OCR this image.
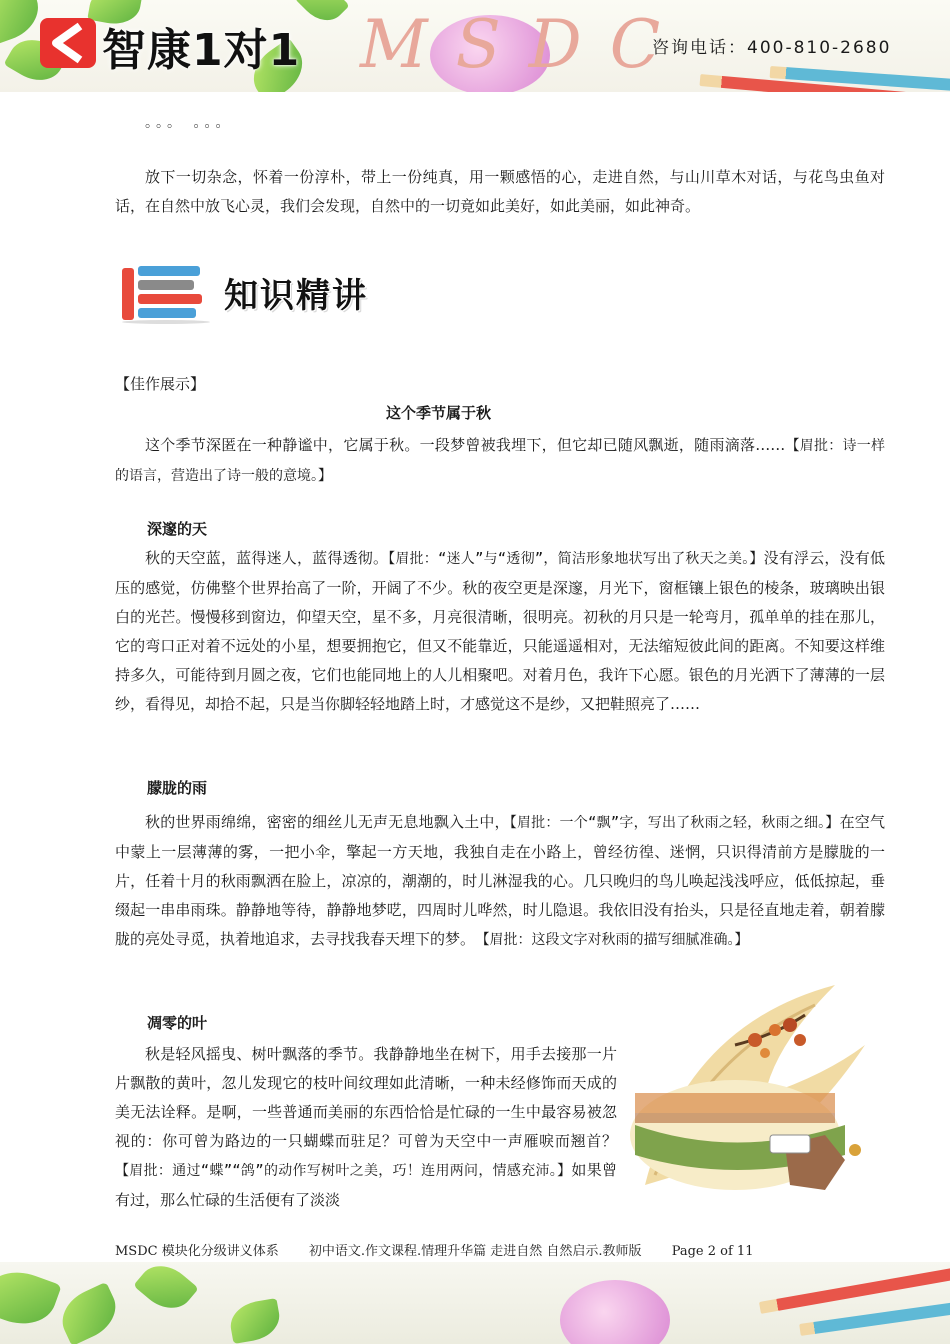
智康1对1 MSDC
咨询电话：400-810-2680
。。。 。。。
放下一切杂念，怀着一份淳朴，带上一份纯真，用一颗感悟的心，走进自然，与山川草木对话，与花鸟虫鱼对话，在自然中放飞心灵，我们会发现，自然中的一切竟如此美好，如此美丽，如此神奇。
知识精讲
【佳作展示】
这个季节属于秋
这个季节深匿在一种静谧中，它属于秋。一段梦曾被我埋下，但它却已随风飘逝，随雨滴落……【眉批：诗一样的语言，营造出了诗一般的意境。】
深邃的天
秋的天空蓝，蓝得迷人，蓝得透彻。【眉批：“迷人”与“透彻”，简洁形象地状写出了秋天之美。】没有浮云，没有低压的感觉，仿佛整个世界抬高了一阶，开阔了不少。秋的夜空更是深邃，月光下，窗框镶上银色的棱条，玻璃映出银白的光芒。慢慢移到窗边，仰望天空，星不多，月亮很清晰，很明亮。初秋的月只是一轮弯月，孤单单的挂在那儿，它的弯口正对着不远处的小星，想要拥抱它，但又不能靠近，只能遥遥相对，无法缩短彼此间的距离。不知要这样维持多久，可能待到月圆之夜，它们也能同地上的人儿相聚吧。对着月色，我许下心愿。银色的月光洒下了薄薄的一层纱，看得见，却拾不起，只是当你脚轻轻地踏上时，才感觉这不是纱，又把鞋照亮了……
朦胧的雨
秋的世界雨绵绵，密密的细丝儿无声无息地飘入土中，【眉批：一个“飘”字，写出了秋雨之轻，秋雨之细。】在空气中蒙上一层薄薄的雾，一把小伞，擎起一方天地，我独自走在小路上，曾经彷徨、迷惘，只识得清前方是朦胧的一片，任着十月的秋雨飘洒在脸上，凉凉的，潮潮的，时儿淋湿我的心。几只晚归的鸟儿唤起浅浅呼应，低低掠起，垂缀起一串串雨珠。静静地等待，静静地梦呓，四周时儿哗然，时儿隐退。我依旧没有抬头，只是径直地走着，朝着朦胧的亮处寻觅，执着地追求，去寻找我春天埋下的梦。　【眉批：这段文字对秋雨的描写细腻准确。】
凋零的叶
秋是轻风摇曳、树叶飘落的季节。我静静地坐在树下，用手去接那一片片飘散的黄叶，忽儿发现它的枝叶间纹理如此清晰，一种未经修饰而天成的美无法诠释。是啊，一些普通而美丽的东西恰恰是忙碌的一生中最容易被忽视的：你可曾为路边的一只蝴蝶而驻足？可曾为天空中一声雁唳而翘首？【眉批：通过“蝶”“鸽”的动作写树叶之美，巧！连用两问，情感充沛。】如果曾有过，那么忙碌的生活便有了淡淡
MSDC 模块化分级讲义体系 初中语文.作文课程.情理升华篇 走进自然 自然启示.教师版 Page 2 of 11
